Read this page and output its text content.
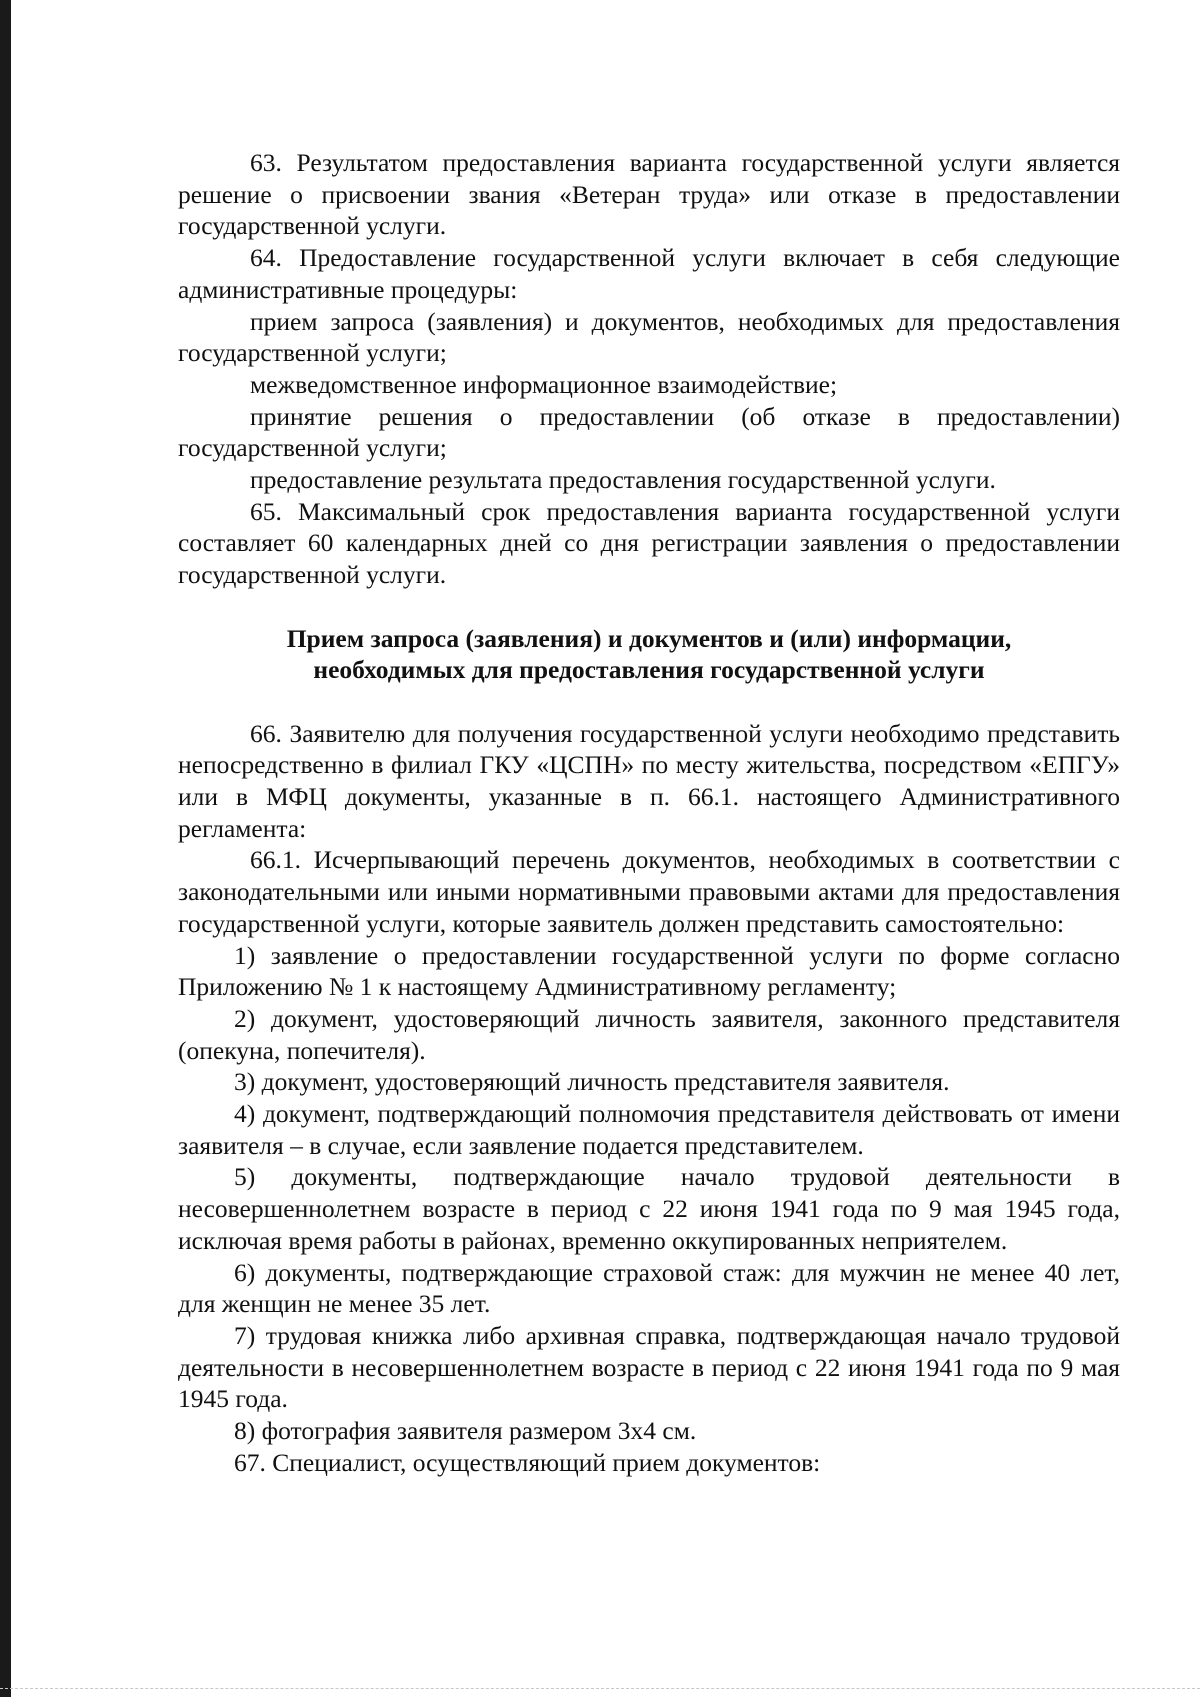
63. Результатом предоставления варианта государственной услуги является решение о присвоении звания «Ветеран труда» или отказе в предоставлении государственной услуги.

64. Предоставление государственной услуги включает в себя следующие административные процедуры:

прием запроса (заявления) и документов, необходимых для предоставления государственной услуги;

межведомственное информационное взаимодействие;

принятие решения о предоставлении (об отказе в предоставлении) государственной услуги;

предоставление результата предоставления государственной услуги.

65. Максимальный срок предоставления варианта государственной услуги составляет 60 календарных дней со дня регистрации заявления о предоставлении государственной услуги.

Прием запроса (заявления) и документов и (или) информации,

необходимых для предоставления государственной услуги

66. Заявителю для получения государственной услуги необходимо представить непосредственно в филиал ГКУ «ЦСПН» по месту жительства, посредством «ЕПГУ» или в МФЦ документы, указанные в п. 66.1. настоящего Административного регламента:

66.1. Исчерпывающий перечень документов, необходимых в соответствии с законодательными или иными нормативными правовыми актами для предоставления государственной услуги, которые заявитель должен представить самостоятельно:

1) заявление о предоставлении государственной услуги по форме согласно Приложению № 1 к настоящему Административному регламенту;

2) документ, удостоверяющий личность заявителя, законного представителя (опекуна, попечителя).

3) документ, удостоверяющий личность представителя заявителя.

4) документ, подтверждающий полномочия представителя действовать от имени заявителя – в случае, если заявление подается представителем.

5) документы, подтверждающие начало трудовой деятельности в несовершеннолетнем возрасте в период с 22 июня 1941 года по 9 мая 1945 года, исключая время работы в районах, временно оккупированных неприятелем.

6) документы, подтверждающие страховой стаж: для мужчин не менее 40 лет, для женщин не менее 35 лет.

7) трудовая книжка либо архивная справка, подтверждающая начало трудовой деятельности в несовершеннолетнем возрасте в период с 22 июня 1941 года по 9 мая 1945 года.

8) фотография заявителя размером 3х4 см.

67. Специалист, осуществляющий прием документов:
